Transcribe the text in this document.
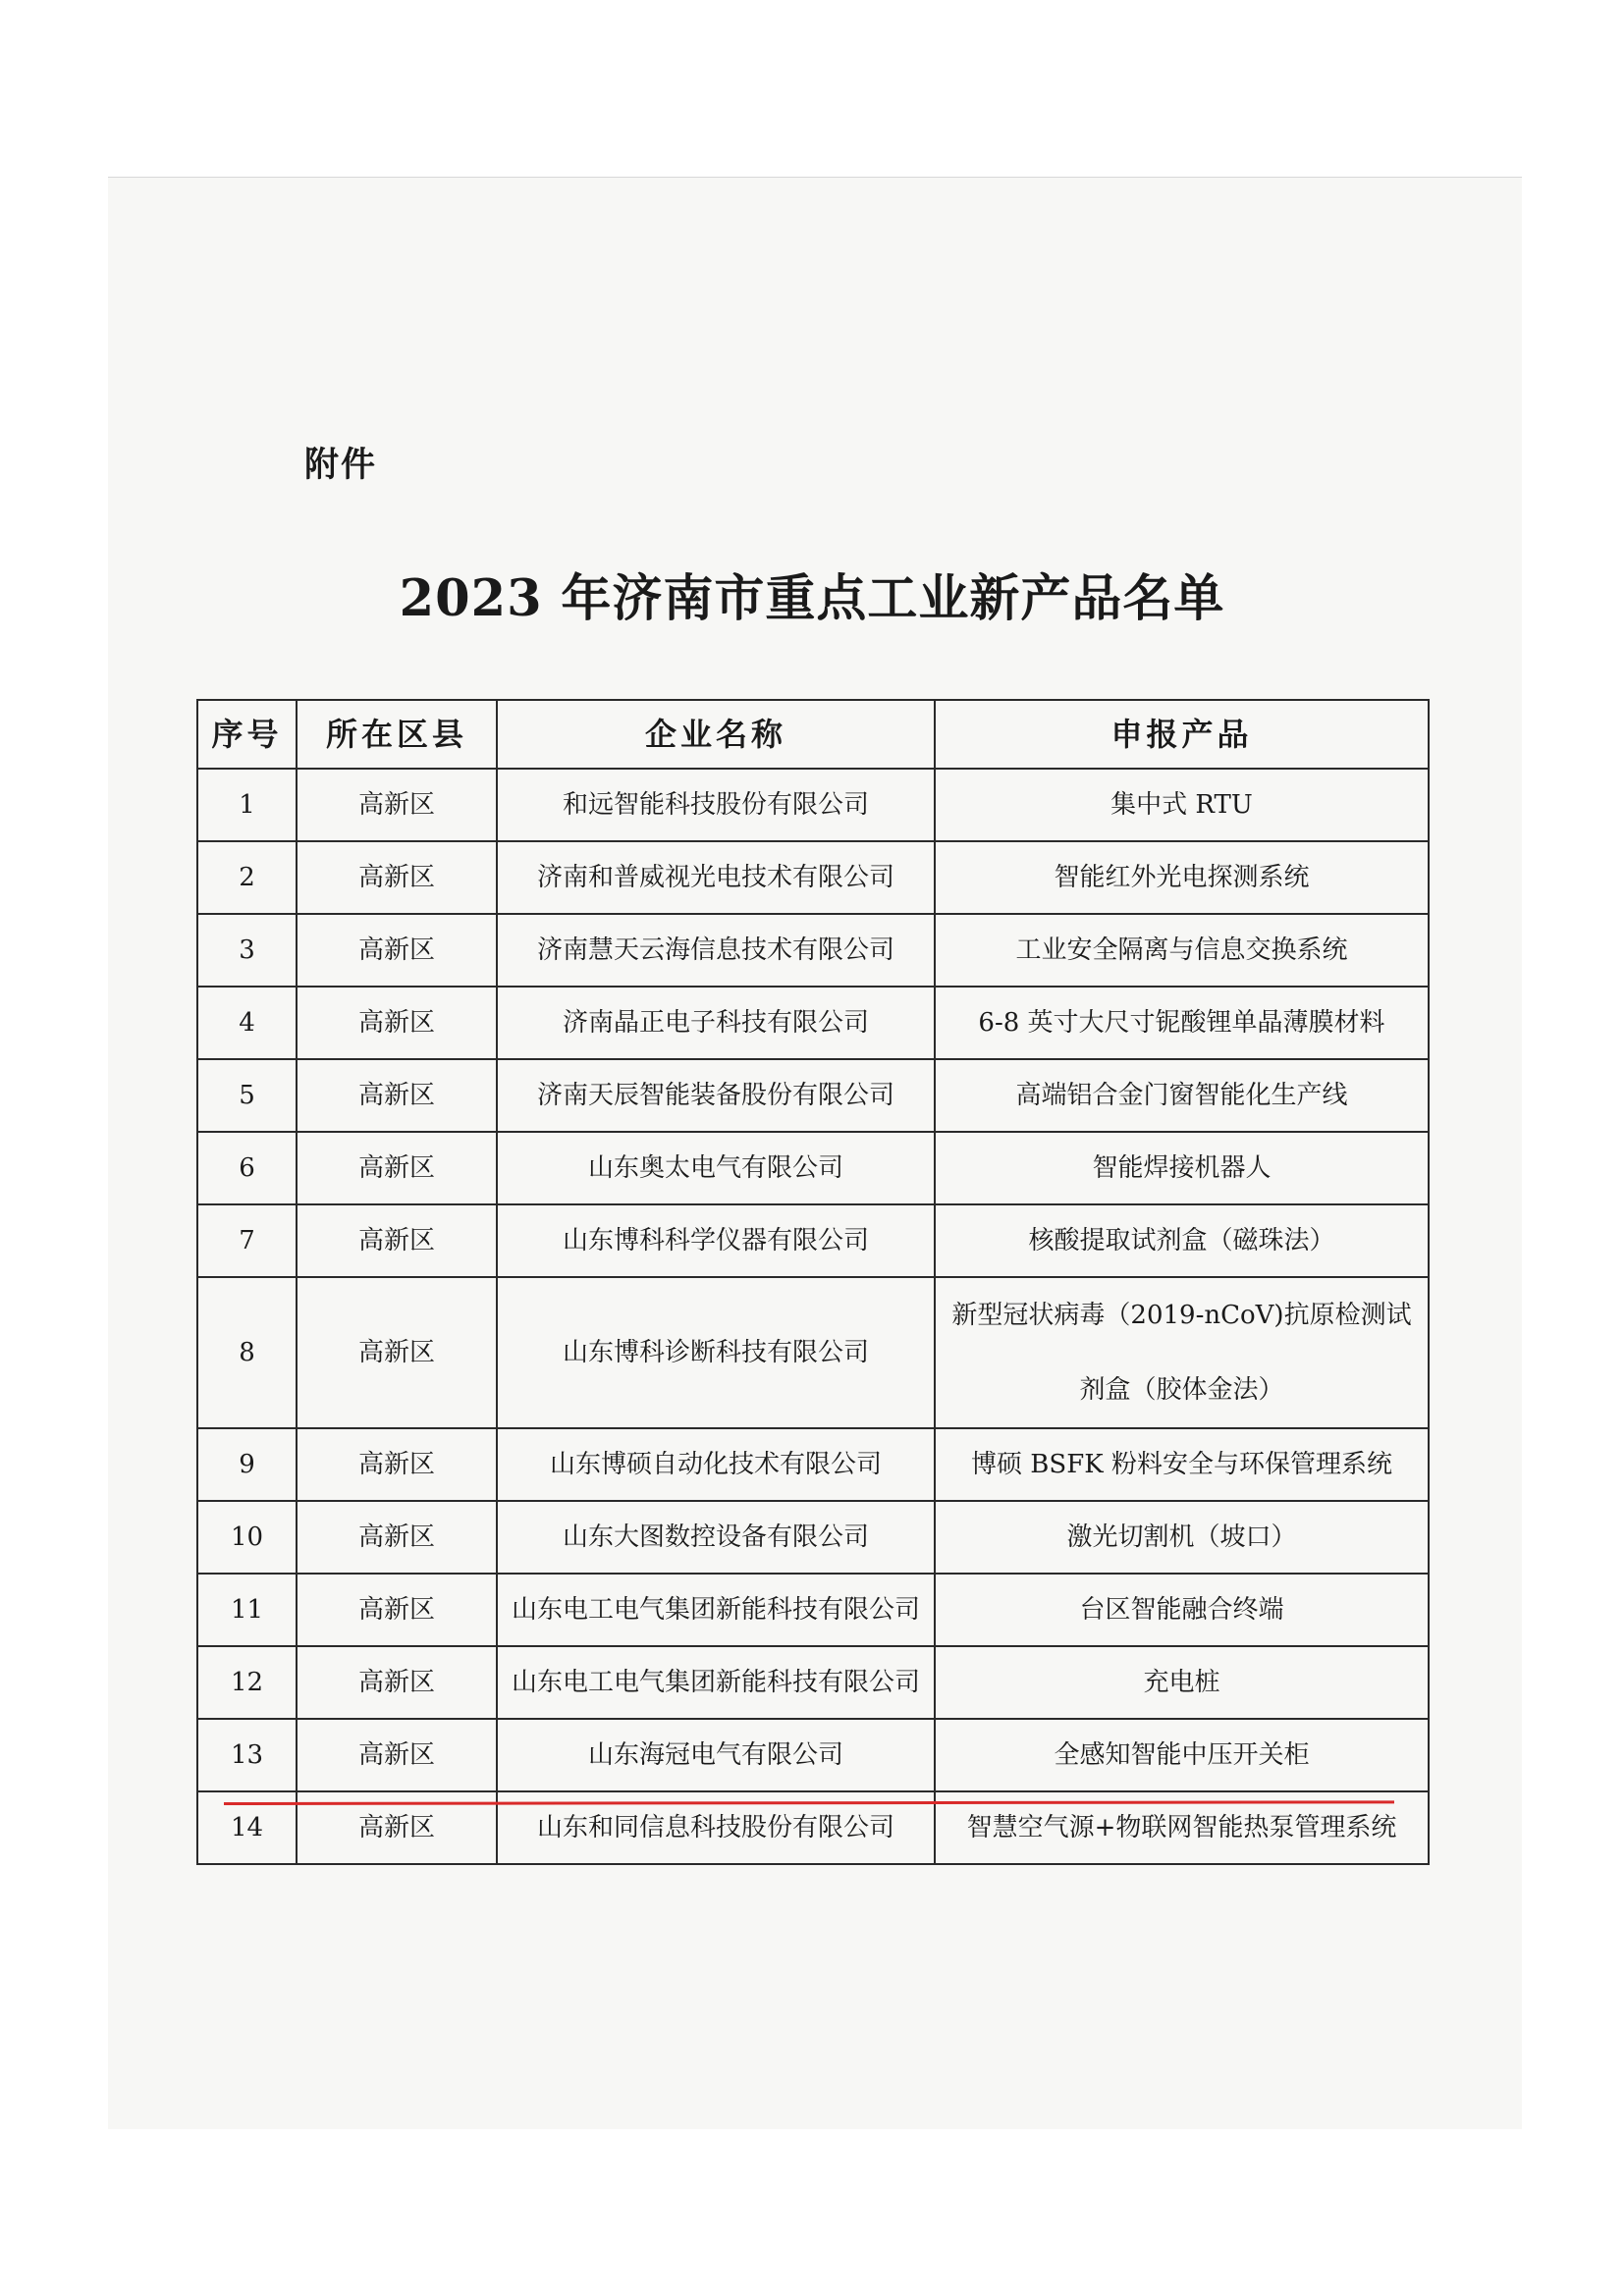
附件
2023 年济南市重点工业新产品名单
序号	所在区县	企业名称	申报产品
1	高新区	和远智能科技股份有限公司	集中式 RTU
2	高新区	济南和普威视光电技术有限公司	智能红外光电探测系统
3	高新区	济南慧天云海信息技术有限公司	工业安全隔离与信息交换系统
4	高新区	济南晶正电子科技有限公司	6-8 英寸大尺寸铌酸锂单晶薄膜材料
5	高新区	济南天辰智能装备股份有限公司	高端铝合金门窗智能化生产线
6	高新区	山东奥太电气有限公司	智能焊接机器人
7	高新区	山东博科科学仪器有限公司	核酸提取试剂盒（磁珠法）
8	高新区	山东博科诊断科技有限公司	新型冠状病毒（2019-nCoV)抗原检测试剂盒（胶体金法）
9	高新区	山东博硕自动化技术有限公司	博硕 BSFK 粉料安全与环保管理系统
10	高新区	山东大图数控设备有限公司	激光切割机（坡口）
11	高新区	山东电工电气集团新能科技有限公司	台区智能融合终端
12	高新区	山东电工电气集团新能科技有限公司	充电桩
13	高新区	山东海冠电气有限公司	全感知智能中压开关柜
14	高新区	山东和同信息科技股份有限公司	智慧空气源+物联网智能热泵管理系统
